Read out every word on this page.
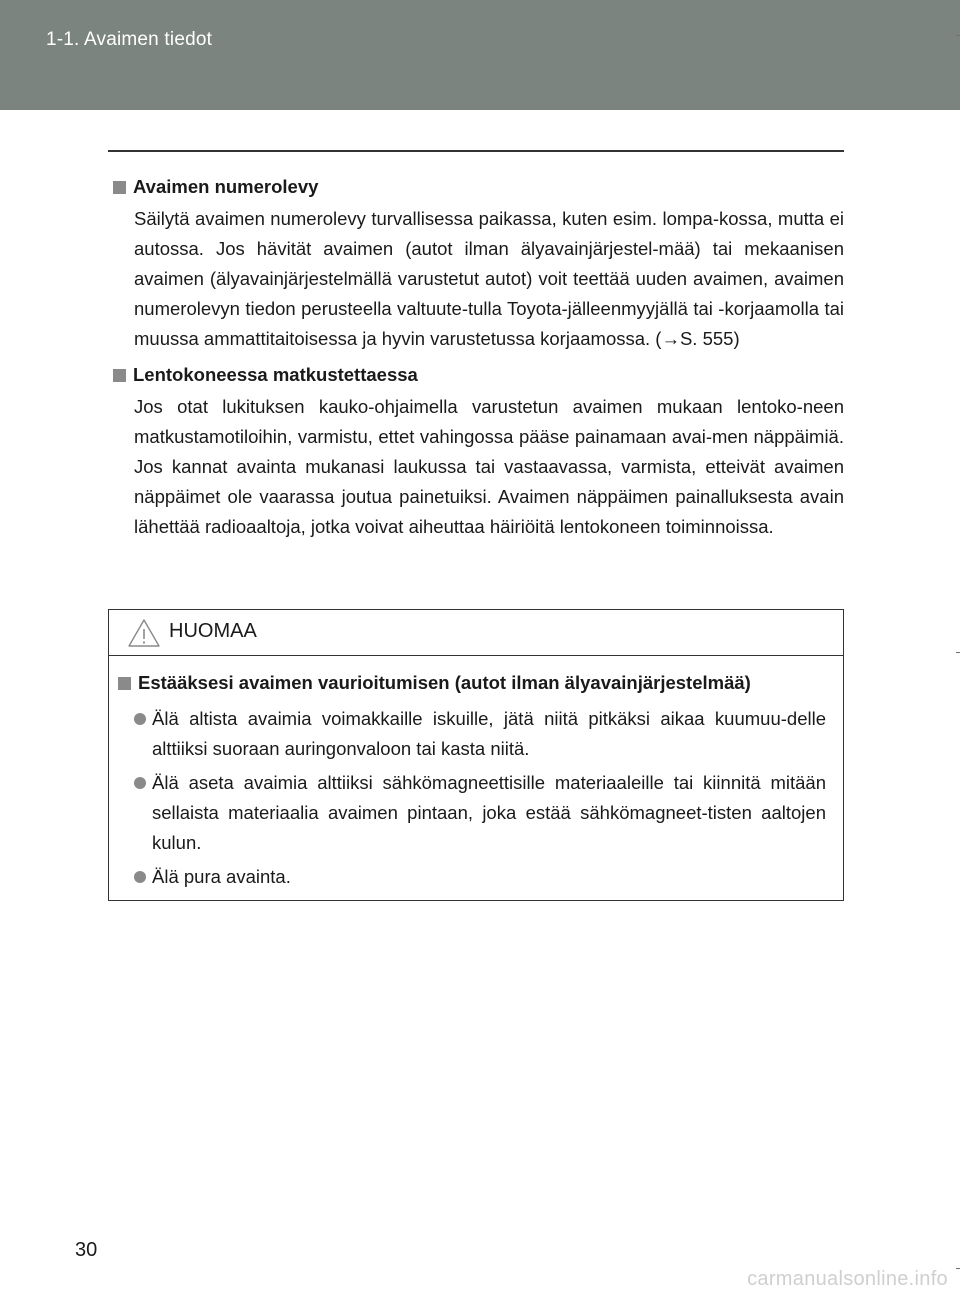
1-1. Avaimen tiedot
Avaimen numerolevy

Säilytä avaimen numerolevy turvallisessa paikassa, kuten esim. lompa-kossa, mutta ei autossa. Jos hävität avaimen (autot ilman älyavainjärjestel-mää) tai mekaanisen avaimen (älyavainjärjestelmällä varustetut autot) voit teettää uuden avaimen, avaimen numerolevyn tiedon perusteella valtuute-tulla Toyota-jälleenmyyjällä tai -korjaamolla tai muussa ammattitaitoisessa ja hyvin varustetussa korjaamossa. (→S. 555)

Lentokoneessa matkustettaessa

Jos otat lukituksen kauko-ohjaimella varustetun avaimen mukaan lentoko-neen matkustamotiloihin, varmistu, ettet vahingossa pääse painamaan avai-men näppäimiä. Jos kannat avainta mukanasi laukussa tai vastaavassa, varmista, etteivät avaimen näppäimet ole vaarassa joutua painetuiksi. Avaimen näppäimen painalluksesta avain lähettää radioaaltoja, jotka voivat aiheuttaa häiriöitä lentokoneen toiminnoissa.

HUOMAA
Estääksesi avaimen vaurioitumisen (autot ilman älyavainjärjestelmää)
Älä altista avaimia voimakkaille iskuille, jätä niitä pitkäksi aikaa kuumuu-delle alttiiksi suoraan auringonvaloon tai kasta niitä.
Älä aseta avaimia alttiiksi sähkömagneettisille materiaaleille tai kiinnitä mitään sellaista materiaalia avaimen pintaan, joka estää sähkömagneet-tisten aaltojen kulun.
Älä pura avainta.
30
carmanualsonline.info
